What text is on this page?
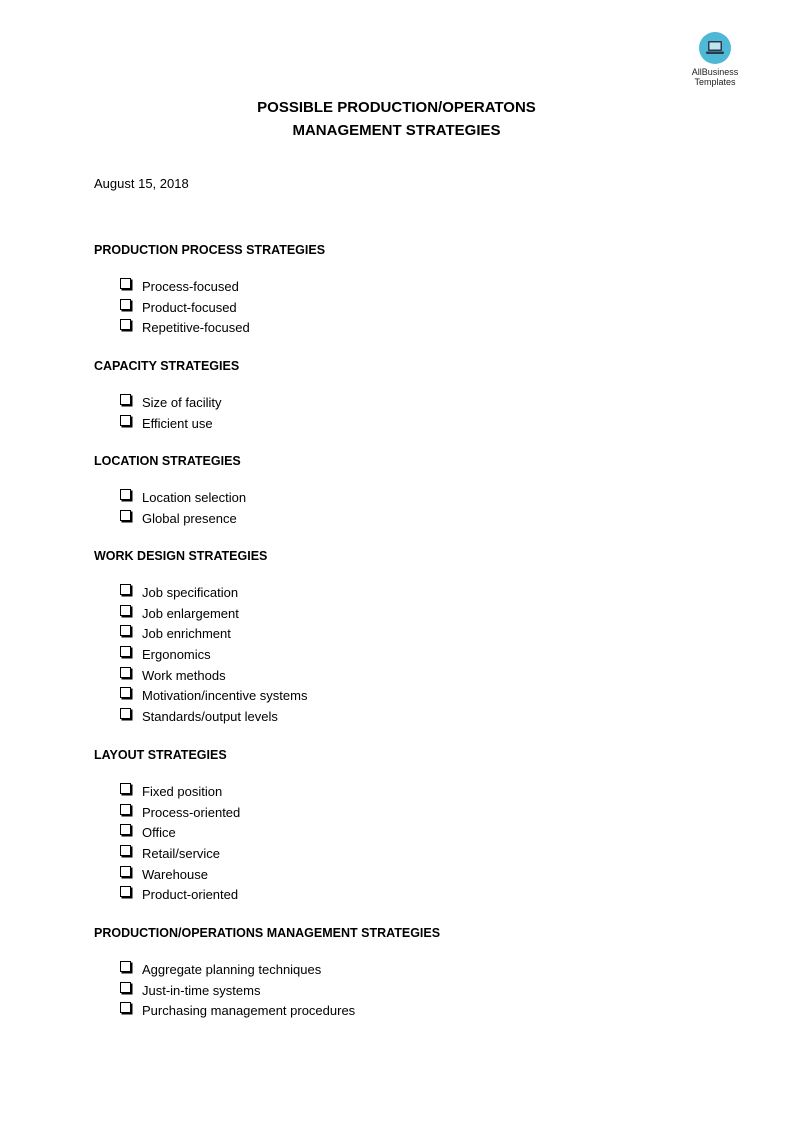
AllBusiness
Templates
POSSIBLE PRODUCTION/OPERATONS
MANAGEMENT STRATEGIES
August 15, 2018
PRODUCTION PROCESS STRATEGIES
Process-focused
Product-focused
Repetitive-focused
CAPACITY STRATEGIES
Size of facility
Efficient use
LOCATION STRATEGIES
Location selection
Global presence
WORK DESIGN STRATEGIES
Job specification
Job enlargement
Job enrichment
Ergonomics
Work methods
Motivation/incentive systems
Standards/output levels
LAYOUT STRATEGIES
Fixed position
Process-oriented
Office
Retail/service
Warehouse
Product-oriented
PRODUCTION/OPERATIONS MANAGEMENT STRATEGIES
Aggregate planning techniques
Just-in-time systems
Purchasing management procedures
